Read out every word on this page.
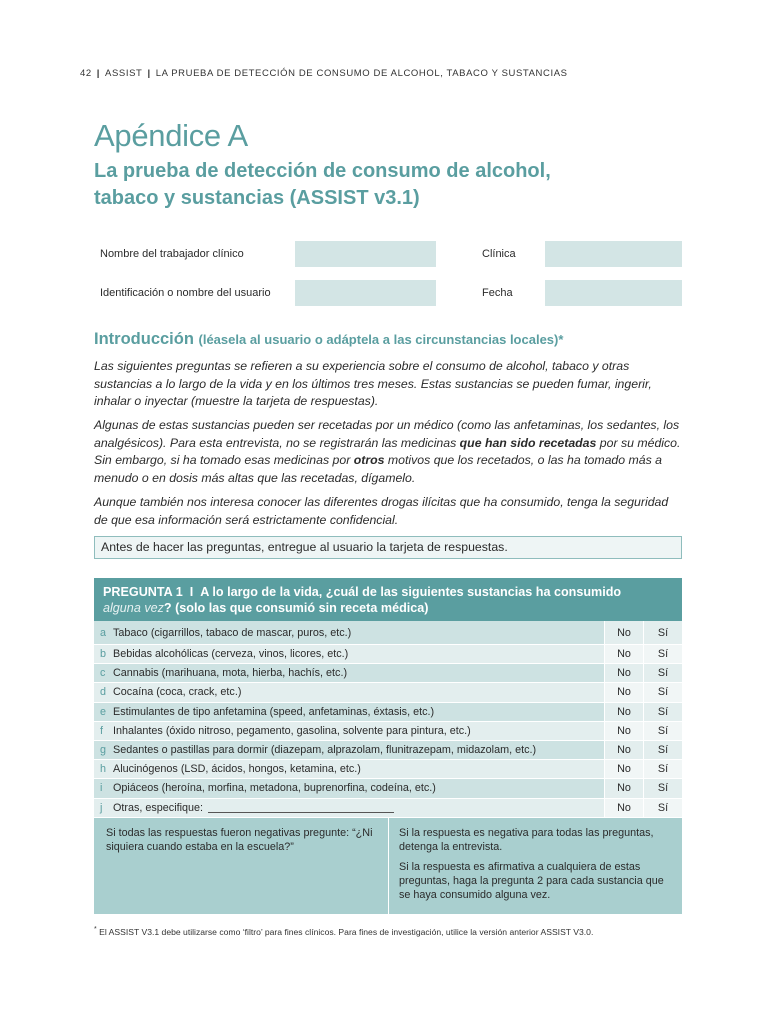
42 | ASSIST | LA PRUEBA DE DETECCIÓN DE CONSUMO DE ALCOHOL, TABACO Y SUSTANCIAS
Apéndice A
La prueba de detección de consumo de alcohol, tabaco y sustancias (ASSIST v3.1)
Nombre del trabajador clínico	Clínica
Identificación o nombre del usuario	Fecha
Introducción (léasela al usuario o adáptela a las circunstancias locales)*

Las siguientes preguntas se refieren a su experiencia sobre el consumo de alcohol, tabaco y otras sustancias a lo largo de la vida y en los últimos tres meses. Estas sustancias se pueden fumar, ingerir, inhalar o inyectar (muestre la tarjeta de respuestas).

Algunas de estas sustancias pueden ser recetadas por un médico (como las anfetaminas, los sedantes, los analgésicos). Para esta entrevista, no se registrarán las medicinas que han sido recetadas por su médico. Sin embargo, si ha tomado esas medicinas por otros motivos que los recetados, o las ha tomado más a menudo o en dosis más altas que las recetadas, dígamelo.

Aunque también nos interesa conocer las diferentes drogas ilícitas que ha consumido, tenga la seguridad de que esa información será estrictamente confidencial.

Antes de hacer las preguntas, entregue al usuario la tarjeta de respuestas.
PREGUNTA 1 I A lo largo de la vida, ¿cuál de las siguientes sustancias ha consumido
alguna vez? (solo las que consumió sin receta médica)
a Tabaco (cigarrillos, tabaco de mascar, puros, etc.)	No	Sí
b Bebidas alcohólicas (cerveza, vinos, licores, etc.)	No	Sí
c Cannabis (marihuana, mota, hierba, hachís, etc.)	No	Sí
d Cocaína (coca, crack, etc.)	No	Sí
e Estimulantes de tipo anfetamina (speed, anfetaminas, éxtasis, etc.)	No	Sí
f Inhalantes (óxido nitroso, pegamento, gasolina, solvente para pintura, etc.)	No	Sí
g Sedantes o pastillas para dormir (diazepam, alprazolam, flunitrazepam, midazolam, etc.)	No	Sí
h Alucinógenos (LSD, ácidos, hongos, ketamina, etc.)	No	Sí
i Opiáceos (heroína, morfina, metadona, buprenorfina, codeína, etc.)	No	Sí
j Otras, especifique:	No	Sí
Si todas las respuestas fueron negativas pregunte: “¿Ni siquiera cuando estaba en la escuela?”

Si la respuesta es negativa para todas las preguntas, detenga la entrevista.

Si la respuesta es afirmativa a cualquiera de estas preguntas, haga la pregunta 2 para cada sustancia que se haya consumido alguna vez.

* El ASSIST V3.1 debe utilizarse como ‘filtro’ para fines clínicos. Para fines de investigación, utilice la versión anterior ASSIST V3.0.
